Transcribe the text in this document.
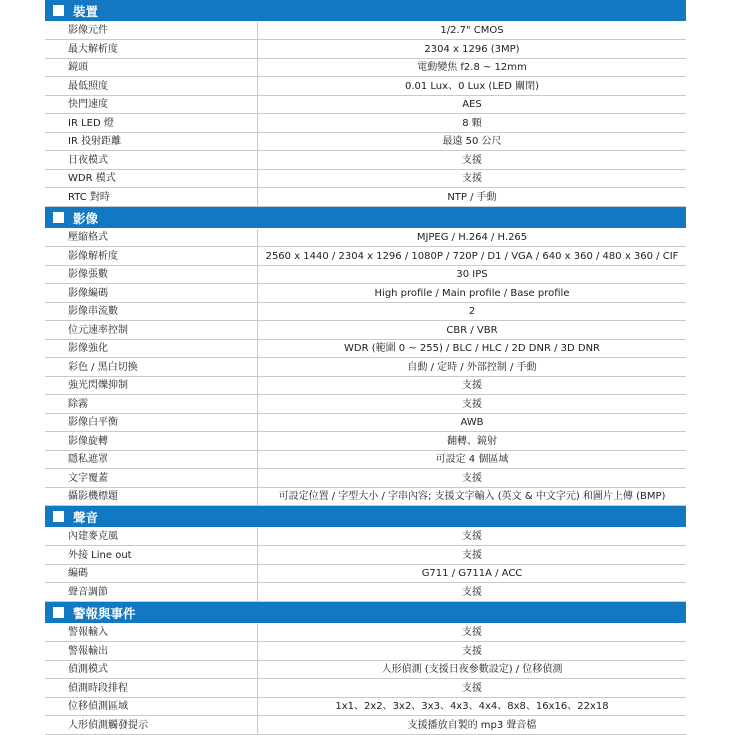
裝置
影像元件	1/2.7" CMOS
最大解析度	2304 x 1296 (3MP)
鏡頭	電動變焦 f2.8 ~ 12mm
最低照度	0.01 Lux、0 Lux (LED 關閉)
快門速度	AES
IR LED 燈	8 顆
IR 投射距離	最遠 50 公尺
日夜模式	支援
WDR 模式	支援
RTC 對時	NTP / 手動
影像
壓縮格式	MJPEG / H.264 / H.265
影像解析度	2560 x 1440 / 2304 x 1296 / 1080P / 720P / D1 / VGA / 640 x 360 / 480 x 360 / CIF
影像張數	30 IPS
影像編碼	High profile / Main profile / Base profile
影像串流數	2
位元速率控制	CBR / VBR
影像強化	WDR (範圍 0 ~ 255) / BLC / HLC / 2D DNR / 3D DNR
彩色 / 黑白切換	自動 / 定時 / 外部控制 / 手動
強光閃爍抑制	支援
除霧	支援
影像白平衡	AWB
影像旋轉	翻轉、鏡射
隱私遮罩	可設定 4 個區域
文字覆蓋	支援
攝影機標題	可設定位置 / 字型大小 / 字串內容; 支援文字輸入 (英文 & 中文字元) 和圖片上傳 (BMP)
聲音
內建麥克風	支援
外接 Line out	支援
編碼	G711 / G711A / ACC
聲音調節	支援
警報與事件
警報輸入	支援
警報輸出	支援
偵測模式	人形偵測 (支援日夜參數設定) / 位移偵測
偵測時段排程	支援
位移偵測區域	1x1、2x2、3x2、3x3、4x3、4x4、8x8、16x16、22x18
人形偵測觸發提示	支援播放自製的 mp3 聲音檔
